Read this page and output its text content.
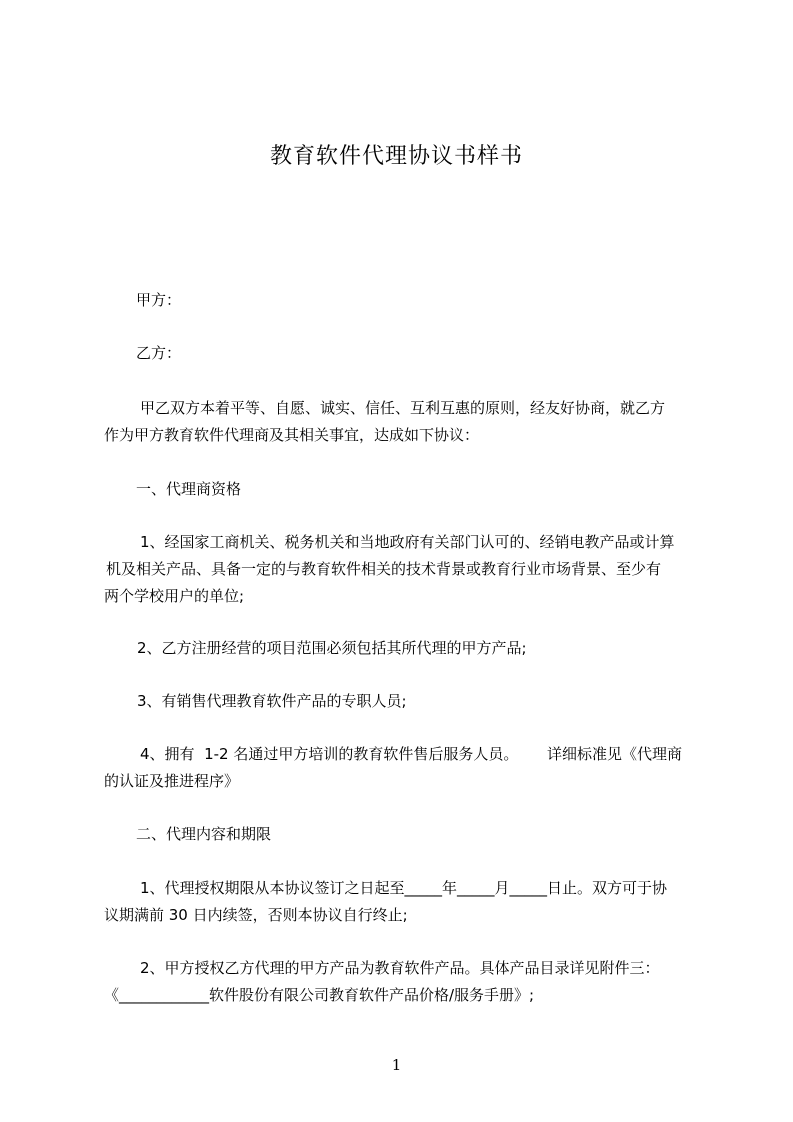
教育软件代理协议书样书
甲方：
乙方：
甲乙双方本着平等、自愿、诚实、信任、互利互惠的原则，经友好协商，就乙方
作为甲方教育软件代理商及其相关事宜，达成如下协议：
一、代理商资格
1、经国家工商机关、税务机关和当地政府有关部门认可的、经销电教产品或计算
机及相关产品、具备一定的与教育软件相关的技术背景或教育行业市场背景、至少有
两个学校用户的单位;
2、乙方注册经营的项目范围必须包括其所代理的甲方产品;
3、有销售代理教育软件产品的专职人员;
4、拥有  1-2 名通过甲方培训的教育软件售后服务人员。      详细标准见《代理商
的认证及推进程序》
二、代理内容和期限
1、代理授权期限从本协议签订之日起至_____年_____月_____日止。双方可于协
议期满前 30 日内续签，否则本协议自行终止;
2、甲方授权乙方代理的甲方产品为教育软件产品。具体产品目录详见附件三：
《____________软件股份有限公司教育软件产品价格/服务手册》;
1
